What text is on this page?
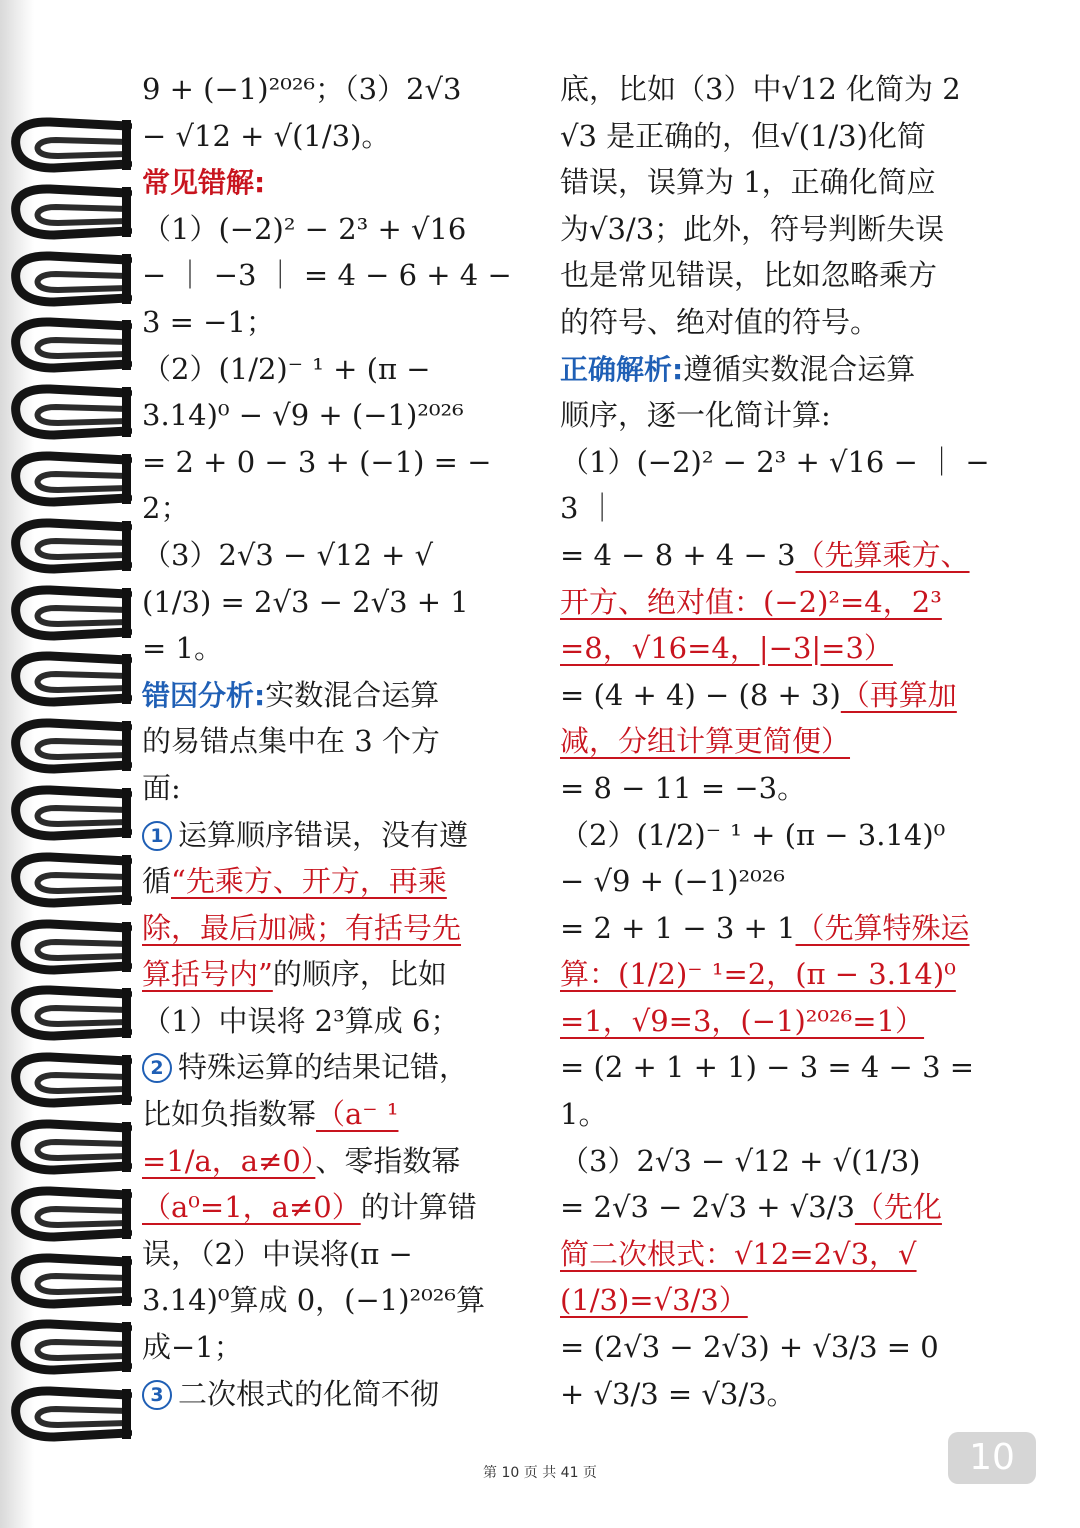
9 + (−1)²⁰²⁶；（3）2√3
− √12 + √(1/3)。
常见错解:
（1）(−2)² − 2³ + √16
− ｜ −3 ｜ = 4 − 6 + 4 −
3 = −1；
（2）(1/2)⁻ ¹ + (π −
3.14)⁰ − √9 + (−1)²⁰²⁶
= 2 + 0 − 3 + (−1) = −
2；
（3）2√3 − √12 + √
(1/3) = 2√3 − 2√3 + 1
= 1。
错因分析:实数混合运算
的易错点集中在 3 个方
面:
1 运算顺序错误，没有遵
循“先乘方、开方，再乘
除，最后加减；有括号先
算括号内”的顺序，比如
（1）中误将 2³算成 6；
2 特殊运算的结果记错，
比如负指数幂（a⁻ ¹
=1/a，a≠0）、零指数幂
（a⁰=1，a≠0）的计算错
误，（2）中误将(π −
3.14)⁰算成 0，(−1)²⁰²⁶算
成−1；
3 二次根式的化简不彻
底，比如（3）中√12 化简为 2
√3 是正确的，但√(1/3)化简
错误，误算为 1，正确化简应
为√3/3；此外，符号判断失误
也是常见错误，比如忽略乘方
的符号、绝对值的符号。
正确解析:遵循实数混合运算
顺序，逐一化简计算:
（1）(−2)² − 2³ + √16 − ｜ −
3 ｜
= 4 − 8 + 4 − 3（先算乘方、
开方、绝对值：(−2)²=4，2³
=8，√16=4，|−3|=3）
= (4 + 4) − (8 + 3)（再算加
减，分组计算更简便）
= 8 − 11 = −3。
（2）(1/2)⁻ ¹ + (π − 3.14)⁰
− √9 + (−1)²⁰²⁶
= 2 + 1 − 3 + 1（先算特殊运
算：(1/2)⁻ ¹=2，(π − 3.14)⁰
=1，√9=3，(−1)²⁰²⁶=1）
= (2 + 1 + 1) − 3 = 4 − 3 =
1。
（3）2√3 − √12 + √(1/3)
= 2√3 − 2√3 + √3/3（先化
简二次根式：√12=2√3，√
(1/3)=√3/3）
= (2√3 − 2√3) + √3/3 = 0
+ √3/3 = √3/3。
第 10 页 共 41 页	10
